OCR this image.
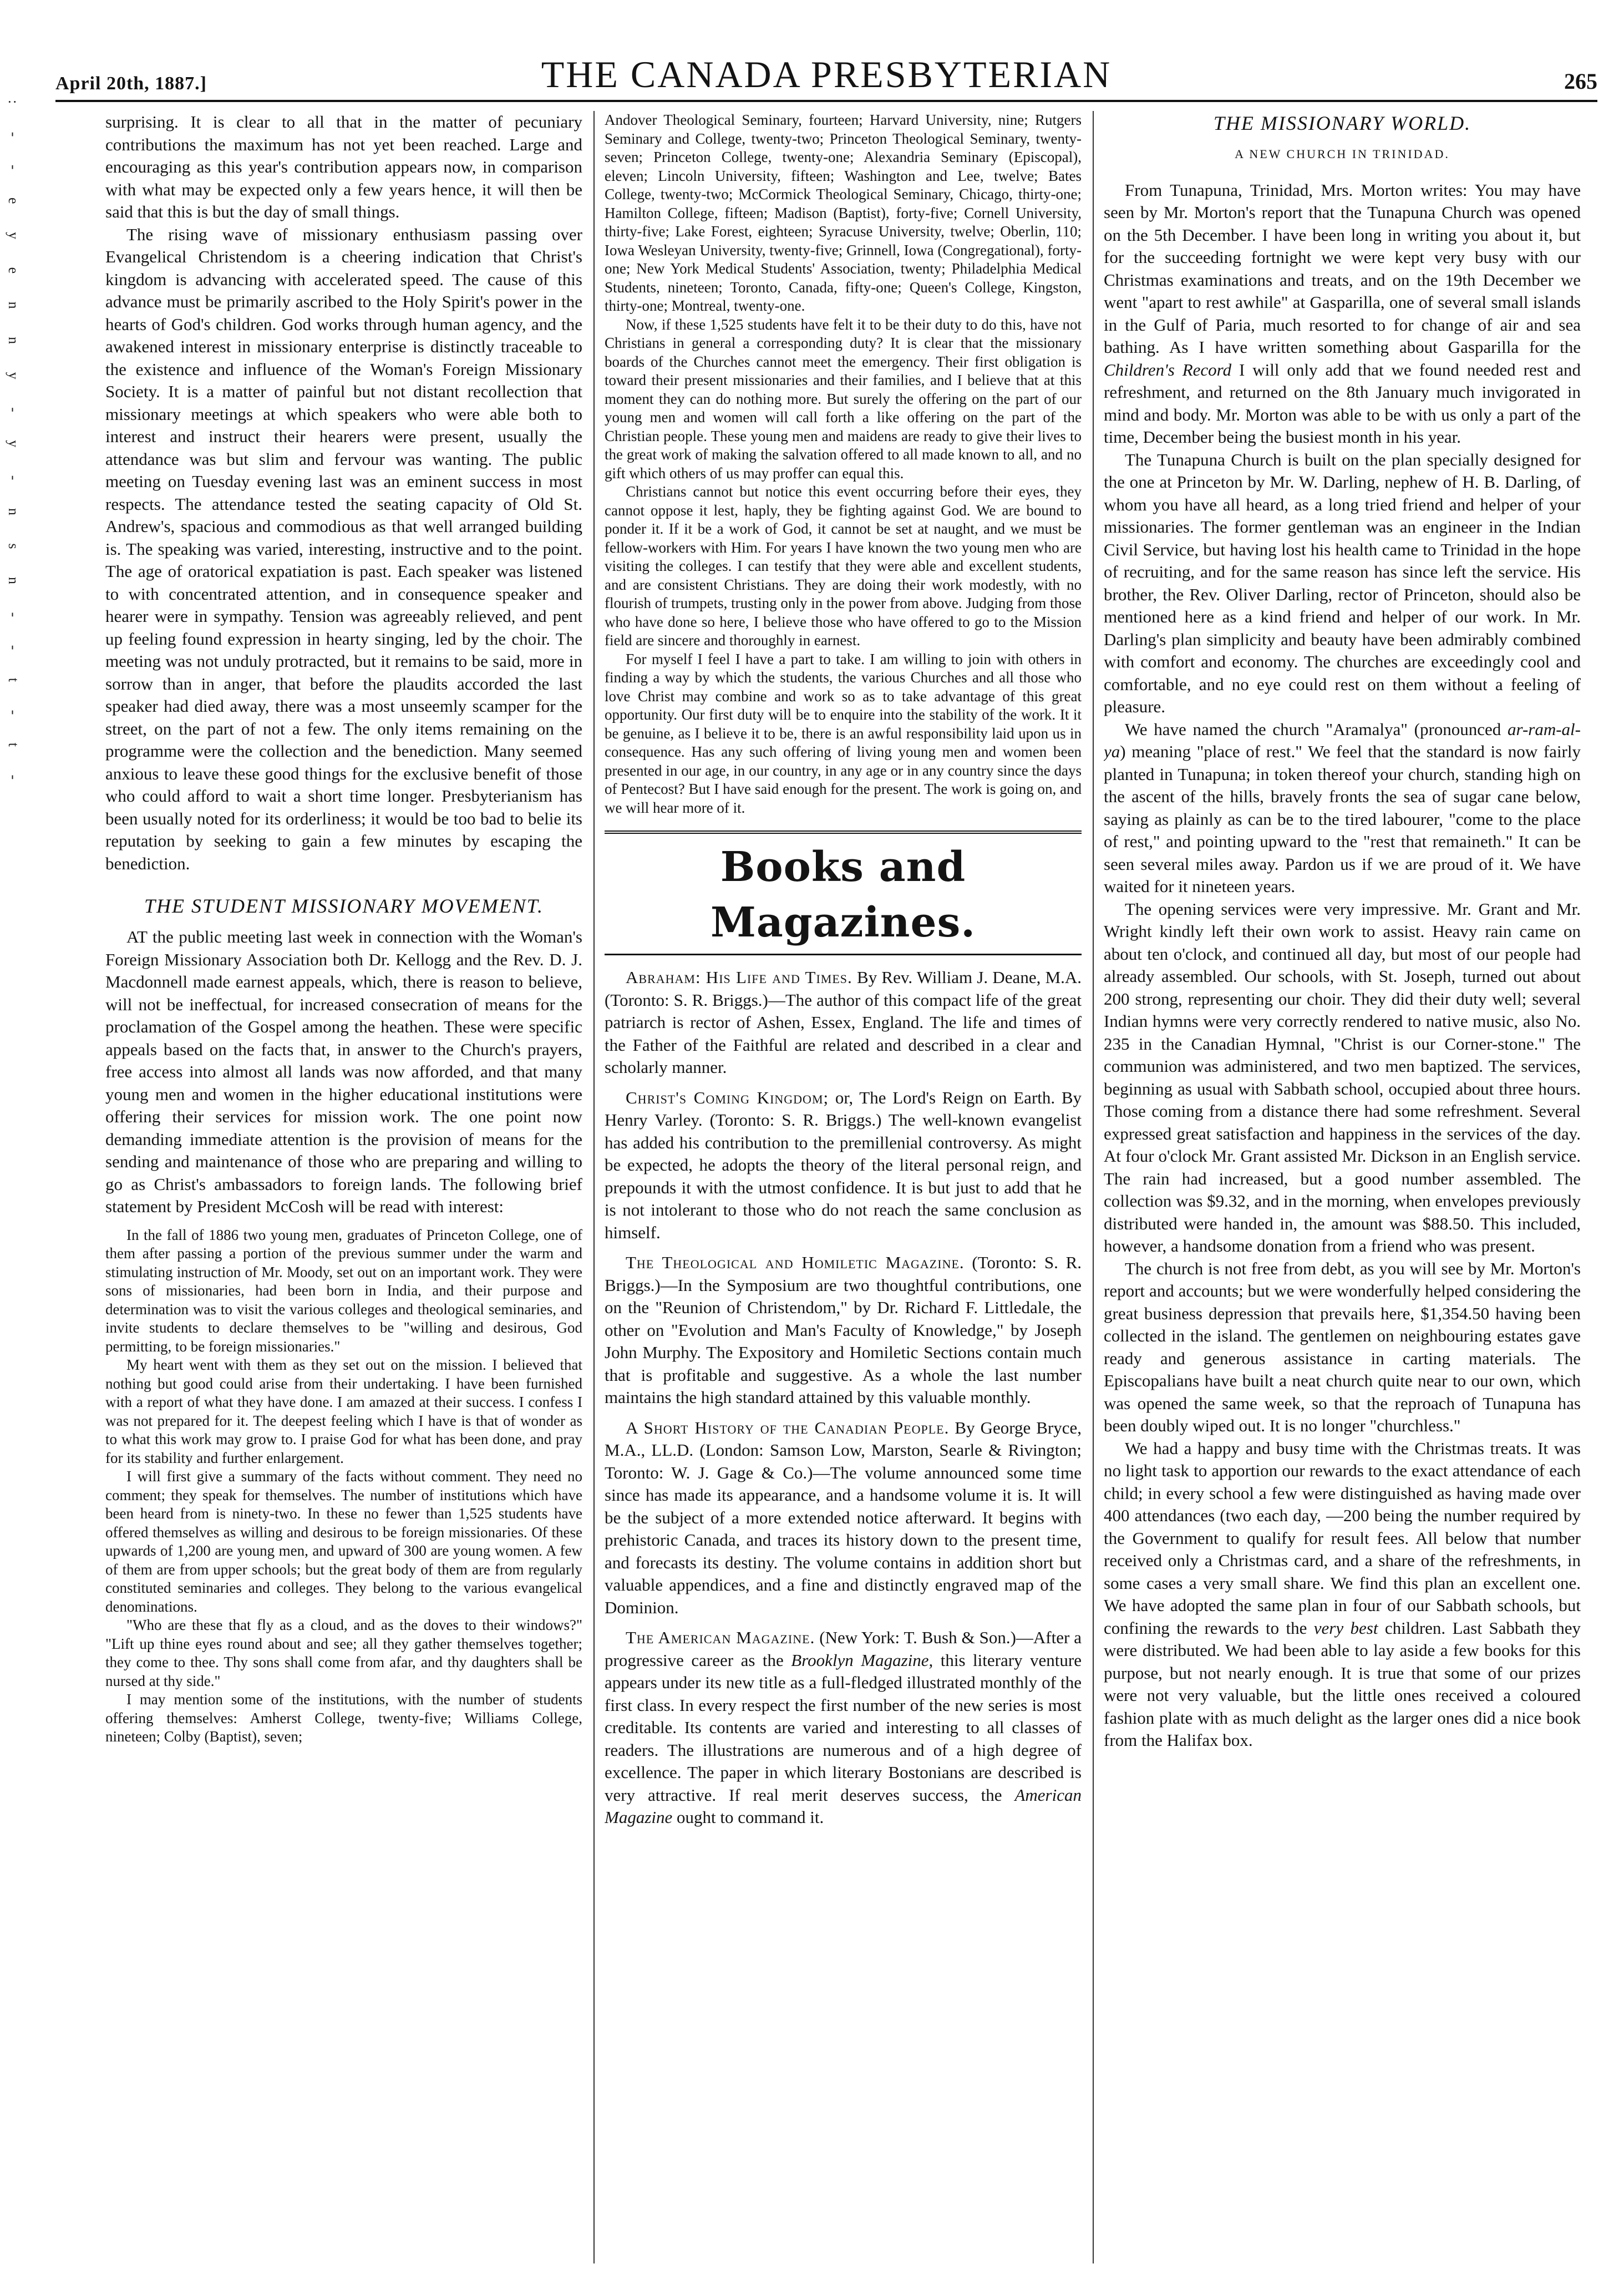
: - - e y e n n y - y - n s n - - t - t -
April 20th, 1887.]	THE CANADA PRESBYTERIAN	265

surprising. It is clear to all that in the matter of pecuniary contributions the maximum has not yet been reached. Large and encouraging as this year's contribution appears now, in comparison with what may be expected only a few years hence, it will then be said that this is but the day of small things.

The rising wave of missionary enthusiasm passing over Evangelical Christendom is a cheering indication that Christ's kingdom is advancing with accelerated speed. The cause of this advance must be primarily ascribed to the Holy Spirit's power in the hearts of God's children. God works through human agency, and the awakened interest in missionary enterprise is distinctly traceable to the existence and influence of the Woman's Foreign Missionary Society. It is a matter of painful but not distant recollection that missionary meetings at which speakers who were able both to interest and instruct their hearers were present, usually the attendance was but slim and fervour was wanting. The public meeting on Tuesday evening last was an eminent success in most respects. The attendance tested the seating capacity of Old St. Andrew's, spacious and commodious as that well arranged building is. The speaking was varied, interesting, instructive and to the point. The age of oratorical expatiation is past. Each speaker was listened to with concentrated attention, and in consequence speaker and hearer were in sympathy. Tension was agreeably relieved, and pent up feeling found expression in hearty singing, led by the choir. The meeting was not unduly protracted, but it remains to be said, more in sorrow than in anger, that before the plaudits accorded the last speaker had died away, there was a most unseemly scamper for the street, on the part of not a few. The only items remaining on the programme were the collection and the benediction. Many seemed anxious to leave these good things for the exclusive benefit of those who could afford to wait a short time longer. Presbyterianism has been usually noted for its orderliness; it would be too bad to belie its reputation by seeking to gain a few minutes by escaping the benediction.

THE STUDENT MISSIONARY MOVEMENT.

AT the public meeting last week in connection with the Woman's Foreign Missionary Association both Dr. Kellogg and the Rev. D. J. Macdonnell made earnest appeals, which, there is reason to believe, will not be ineffectual, for increased consecration of means for the proclamation of the Gospel among the heathen. These were specific appeals based on the facts that, in answer to the Church's prayers, free access into almost all lands was now afforded, and that many young men and women in the higher educational institutions were offering their services for mission work. The one point now demanding immediate attention is the provision of means for the sending and maintenance of those who are preparing and willing to go as Christ's ambassadors to foreign lands. The following brief statement by President McCosh will be read with interest:

In the fall of 1886 two young men, graduates of Princeton College, one of them after passing a portion of the previous summer under the warm and stimulating instruction of Mr. Moody, set out on an important work. They were sons of missionaries, had been born in India, and their purpose and determination was to visit the various colleges and theological seminaries, and invite students to declare themselves to be "willing and desirous, God permitting, to be foreign missionaries."

My heart went with them as they set out on the mission. I believed that nothing but good could arise from their undertaking. I have been furnished with a report of what they have done. I am amazed at their success. I confess I was not prepared for it. The deepest feeling which I have is that of wonder as to what this work may grow to. I praise God for what has been done, and pray for its stability and further enlargement.

I will first give a summary of the facts without comment. They need no comment; they speak for themselves. The number of institutions which have been heard from is ninety-two. In these no fewer than 1,525 students have offered themselves as willing and desirous to be foreign missionaries. Of these upwards of 1,200 are young men, and upward of 300 are young women. A few of them are from upper schools; but the great body of them are from regularly constituted seminaries and colleges. They belong to the various evangelical denominations.

"Who are these that fly as a cloud, and as the doves to their windows?" "Lift up thine eyes round about and see; all they gather themselves together; they come to thee. Thy sons shall come from afar, and thy daughters shall be nursed at thy side."

I may mention some of the institutions, with the number of students offering themselves: Amherst College, twenty-five; Williams College, nineteen; Colby (Baptist), seven;

Andover Theological Seminary, fourteen; Harvard University, nine; Rutgers Seminary and College, twenty-two; Princeton Theological Seminary, twenty-seven; Princeton College, twenty-one; Alexandria Seminary (Episcopal), eleven; Lincoln University, fifteen; Washington and Lee, twelve; Bates College, twenty-two; McCormick Theological Seminary, Chicago, thirty-one; Hamilton College, fifteen; Madison (Baptist), forty-five; Cornell University, thirty-five; Lake Forest, eighteen; Syracuse University, twelve; Oberlin, 110; Iowa Wesleyan University, twenty-five; Grinnell, Iowa (Congregational), forty-one; New York Medical Students' Association, twenty; Philadelphia Medical Students, nineteen; Toronto, Canada, fifty-one; Queen's College, Kingston, thirty-one; Montreal, twenty-one.

Now, if these 1,525 students have felt it to be their duty to do this, have not Christians in general a corresponding duty? It is clear that the missionary boards of the Churches cannot meet the emergency. Their first obligation is toward their present missionaries and their families, and I believe that at this moment they can do nothing more. But surely the offering on the part of our young men and women will call forth a like offering on the part of the Christian people. These young men and maidens are ready to give their lives to the great work of making the salvation offered to all made known to all, and no gift which others of us may proffer can equal this.

Christians cannot but notice this event occurring before their eyes, they cannot oppose it lest, haply, they be fighting against God. We are bound to ponder it. If it be a work of God, it cannot be set at naught, and we must be fellow-workers with Him. For years I have known the two young men who are visiting the colleges. I can testify that they were able and excellent students, and are consistent Christians. They are doing their work modestly, with no flourish of trumpets, trusting only in the power from above. Judging from those who have done so here, I believe those who have offered to go to the Mission field are sincere and thoroughly in earnest.

For myself I feel I have a part to take. I am willing to join with others in finding a way by which the students, the various Churches and all those who love Christ may combine and work so as to take advantage of this great opportunity. Our first duty will be to enquire into the stability of the work. It it be genuine, as I believe it to be, there is an awful responsibility laid upon us in consequence. Has any such offering of living young men and women been presented in our age, in our country, in any age or in any country since the days of Pentecost? But I have said enough for the present. The work is going on, and we will hear more of it.

Books and Magazines.

Abraham: His Life and Times. By Rev. William J. Deane, M.A. (Toronto: S. R. Briggs.)—The author of this compact life of the great patriarch is rector of Ashen, Essex, England. The life and times of the Father of the Faithful are related and described in a clear and scholarly manner.

Christ's Coming Kingdom; or, The Lord's Reign on Earth. By Henry Varley. (Toronto: S. R. Briggs.) The well-known evangelist has added his contribution to the premillenial controversy. As might be expected, he adopts the theory of the literal personal reign, and prepounds it with the utmost confidence. It is but just to add that he is not intolerant to those who do not reach the same conclusion as himself.

The Theological and Homiletic Magazine. (Toronto: S. R. Briggs.)—In the Symposium are two thoughtful contributions, one on the "Reunion of Christendom," by Dr. Richard F. Littledale, the other on "Evolution and Man's Faculty of Knowledge," by Joseph John Murphy. The Expository and Homiletic Sections contain much that is profitable and suggestive. As a whole the last number maintains the high standard attained by this valuable monthly.

A Short History of the Canadian People. By George Bryce, M.A., LL.D. (London: Samson Low, Marston, Searle & Rivington; Toronto: W. J. Gage & Co.)—The volume announced some time since has made its appearance, and a handsome volume it is. It will be the subject of a more extended notice afterward. It begins with prehistoric Canada, and traces its history down to the present time, and forecasts its destiny. The volume contains in addition short but valuable appendices, and a fine and distinctly engraved map of the Dominion.

The American Magazine. (New York: T. Bush & Son.)—After a progressive career as the Brooklyn Magazine, this literary venture appears under its new title as a full-fledged illustrated monthly of the first class. In every respect the first number of the new series is most creditable. Its contents are varied and interesting to all classes of readers. The illustrations are numerous and of a high degree of excellence. The paper in which literary Bostonians are described is very attractive. If real merit deserves success, the American Magazine ought to command it.

THE MISSIONARY WORLD.
A NEW CHURCH IN TRINIDAD.

From Tunapuna, Trinidad, Mrs. Morton writes: You may have seen by Mr. Morton's report that the Tunapuna Church was opened on the 5th December. I have been long in writing you about it, but for the succeeding fortnight we were kept very busy with our Christmas examinations and treats, and on the 19th December we went "apart to rest awhile" at Gasparilla, one of several small islands in the Gulf of Paria, much resorted to for change of air and sea bathing. As I have written something about Gasparilla for the Children's Record I will only add that we found needed rest and refreshment, and returned on the 8th January much invigorated in mind and body. Mr. Morton was able to be with us only a part of the time, December being the busiest month in his year.

The Tunapuna Church is built on the plan specially designed for the one at Princeton by Mr. W. Darling, nephew of H. B. Darling, of whom you have all heard, as a long tried friend and helper of your missionaries. The former gentleman was an engineer in the Indian Civil Service, but having lost his health came to Trinidad in the hope of recruiting, and for the same reason has since left the service. His brother, the Rev. Oliver Darling, rector of Princeton, should also be mentioned here as a kind friend and helper of our work. In Mr. Darling's plan simplicity and beauty have been admirably combined with comfort and economy. The churches are exceedingly cool and comfortable, and no eye could rest on them without a feeling of pleasure.

We have named the church "Aramalya" (pronounced ar-ram-al-yа) meaning "place of rest." We feel that the standard is now fairly planted in Tunapuna; in token thereof your church, standing high on the ascent of the hills, bravely fronts the sea of sugar cane below, saying as plainly as can be to the tired labourer, "come to the place of rest," and pointing upward to the "rest that remaineth." It can be seen several miles away. Pardon us if we are proud of it. We have waited for it nineteen years.

The opening services were very impressive. Mr. Grant and Mr. Wright kindly left their own work to assist. Heavy rain came on about ten o'clock, and continued all day, but most of our people had already assembled. Our schools, with St. Joseph, turned out about 200 strong, representing our choir. They did their duty well; several Indian hymns were very correctly rendered to native music, also No. 235 in the Canadian Hymnal, "Christ is our Corner-stone." The communion was administered, and two men baptized. The services, beginning as usual with Sabbath school, occupied about three hours. Those coming from a distance there had some refreshment. Several expressed great satisfaction and happiness in the services of the day. At four o'clock Mr. Grant assisted Mr. Dickson in an English service. The rain had increased, but a good number assembled. The collection was $9.32, and in the morning, when envelopes previously distributed were handed in, the amount was $88.50. This included, however, a handsome donation from a friend who was present.

The church is not free from debt, as you will see by Mr. Morton's report and accounts; but we were wonderfully helped considering the great business depression that prevails here, $1,354.50 having been collected in the island. The gentlemen on neighbouring estates gave ready and generous assistance in carting materials. The Episcopalians have built a neat church quite near to our own, which was opened the same week, so that the reproach of Tunapuna has been doubly wiped out. It is no longer "churchless."

We had a happy and busy time with the Christmas treats. It was no light task to apportion our rewards to the exact attendance of each child; in every school a few were distinguished as having made over 400 attendances (two each day, —200 being the number required by the Government to qualify for result fees. All below that number received only a Christmas card, and a share of the refreshments, in some cases a very small share. We find this plan an excellent one. We have adopted the same plan in four of our Sabbath schools, but confining the rewards to the very best children. Last Sabbath they were distributed. We had been able to lay aside a few books for this purpose, but not nearly enough. It is true that some of our prizes were not very valuable, but the little ones received a coloured fashion plate with as much delight as the larger ones did a nice book from the Halifax box.
